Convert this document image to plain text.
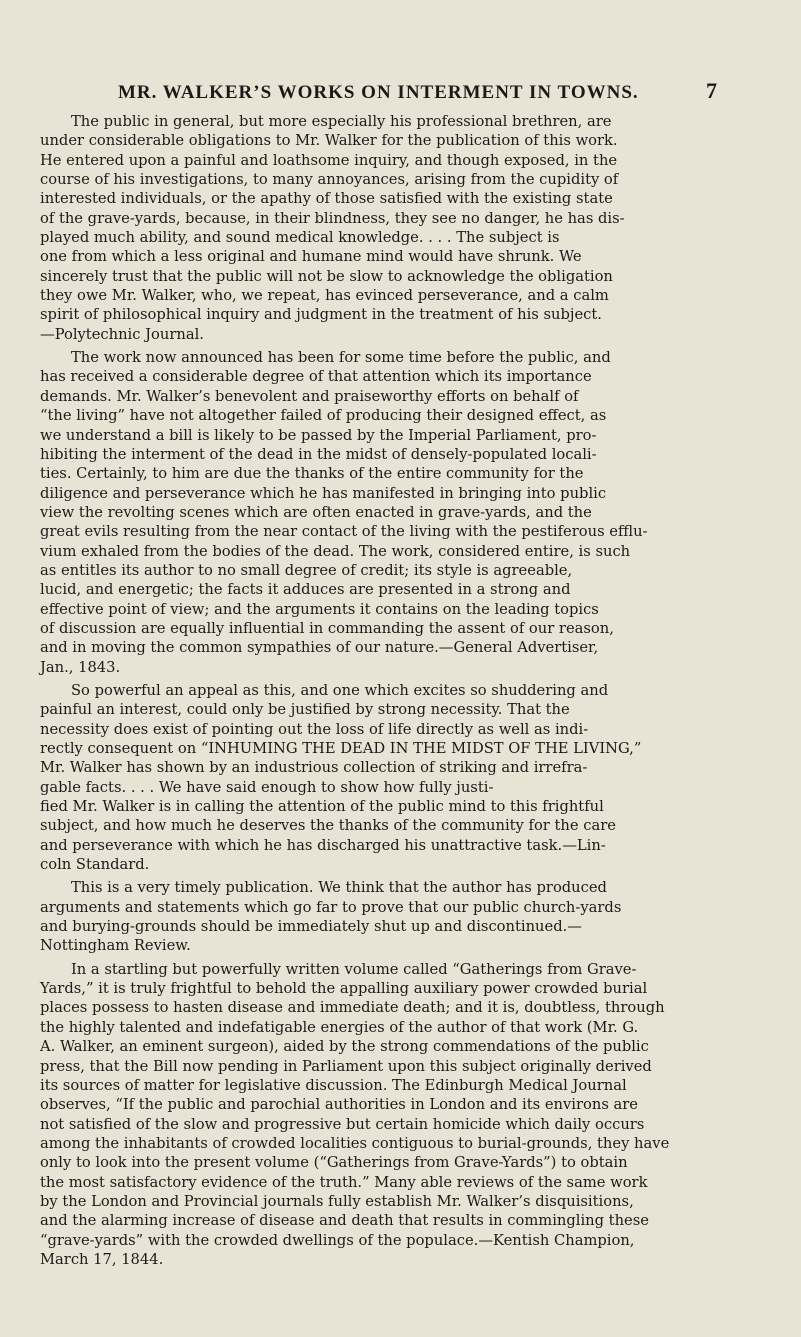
MR. WALKER’S WORKS ON INTERMENT IN TOWNS.	7
The public in general, but more especially his professional brethren, are
under considerable obligations to Mr. Walker for the publication of this work.
He entered upon a painful and loathsome inquiry, and though exposed, in the
course of his investigations, to many annoyances, arising from the cupidity of
interested individuals, or the apathy of those satisfied with the existing state
of the grave-yards, because, in their blindness, they see no danger, he has dis-
played much ability, and sound medical knowledge. . . . The subject is
one from which a less original and humane mind would have shrunk. We
sincerely trust that the public will not be slow to acknowledge the obligation
they owe Mr. Walker, who, we repeat, has evinced perseverance, and a calm
spirit of philosophical inquiry and judgment in the treatment of his subject.
—Polytechnic Journal.
The work now announced has been for some time before the public, and
has received a considerable degree of that attention which its importance
demands. Mr. Walker’s benevolent and praiseworthy efforts on behalf of
“the living” have not altogether failed of producing their designed effect, as
we understand a bill is likely to be passed by the Imperial Parliament, pro-
hibiting the interment of the dead in the midst of densely-populated locali-
ties. Certainly, to him are due the thanks of the entire community for the
diligence and perseverance which he has manifested in bringing into public
view the revolting scenes which are often enacted in grave-yards, and the
great evils resulting from the near contact of the living with the pestiferous efflu-
vium exhaled from the bodies of the dead. The work, considered entire, is such
as entitles its author to no small degree of credit; its style is agreeable,
lucid, and energetic; the facts it adduces are presented in a strong and
effective point of view; and the arguments it contains on the leading topics
of discussion are equally influential in commanding the assent of our reason,
and in moving the common sympathies of our nature.—General Advertiser,
Jan., 1843.
So powerful an appeal as this, and one which excites so shuddering and
painful an interest, could only be justified by strong necessity. That the
necessity does exist of pointing out the loss of life directly as well as indi-
rectly consequent on “INHUMING THE DEAD IN THE MIDST OF THE LIVING,”
Mr. Walker has shown by an industrious collection of striking and irrefra-
gable facts. . . . We have said enough to show how fully justi-
fied Mr. Walker is in calling the attention of the public mind to this frightful
subject, and how much he deserves the thanks of the community for the care
and perseverance with which he has discharged his unattractive task.—Lin-
coln Standard.
This is a very timely publication. We think that the author has produced
arguments and statements which go far to prove that our public church-yards
and burying-grounds should be immediately shut up and discontinued.—
Nottingham Review.
In a startling but powerfully written volume called “Gatherings from Grave-
Yards,” it is truly frightful to behold the appalling auxiliary power crowded burial
places possess to hasten disease and immediate death; and it is, doubtless, through
the highly talented and indefatigable energies of the author of that work (Mr. G.
A. Walker, an eminent surgeon), aided by the strong commendations of the public
press, that the Bill now pending in Parliament upon this subject originally derived
its sources of matter for legislative discussion. The Edinburgh Medical Journal
observes, “If the public and parochial authorities in London and its environs are
not satisfied of the slow and progressive but certain homicide which daily occurs
among the inhabitants of crowded localities contiguous to burial-grounds, they have
only to look into the present volume (“Gatherings from Grave-Yards”) to obtain
the most satisfactory evidence of the truth.” Many able reviews of the same work
by the London and Provincial journals fully establish Mr. Walker’s disquisitions,
and the alarming increase of disease and death that results in commingling these
“grave-yards” with the crowded dwellings of the populace.—Kentish Champion,
March 17, 1844.
